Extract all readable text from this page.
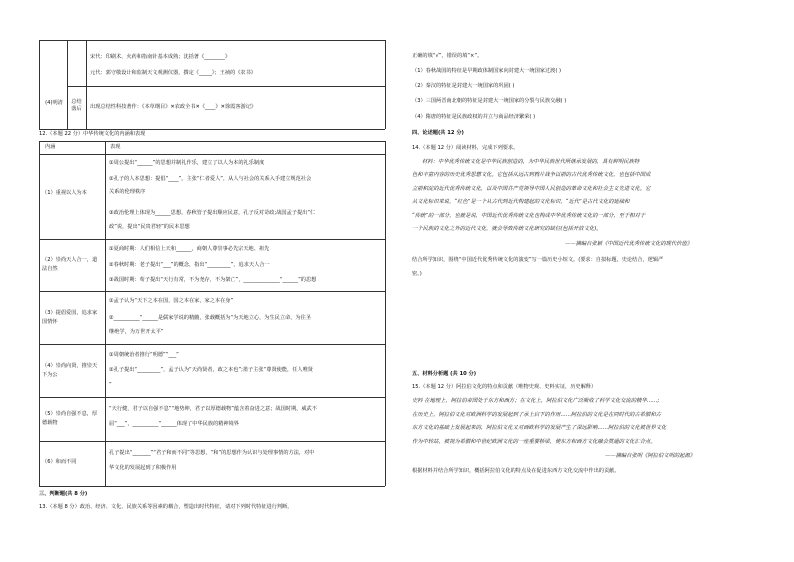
宋代：印刷术、火药和指南针基本成熟；沈括著《________》
元代：郭守敬设计和监制天文观测仪器，撰定《_____》；王祯的《农书》
(4)明清 总结落后 出现总结性科技著作：《本草纲目》✕农政全书✕《____》✕徐霞客游记》
12.（本题 22 分）中华传统文化的内涵和表现
内涵	表现
（1）重视以人为本
①周公提出“______”的思想并制礼作乐，建立了以人为本的礼乐制度
②孔子的人本思想：提倡“____”。主张“仁者爱人”，从人与社会的关系入手建立规范社会
关系的伦理秩序
③政治伦理上体现为______思想，春秋管子提出顺应民意，孔子反对苛政;战国孟子提出“仁
政”说，提出“民贵君轻”的民本思想
（2）崇尚天人合一，道法自然
①夏商时期：人们相信上天和______，商朝人尊崇事必先宗天地、祖先
②春秋时期：老子提出“___”的概念，指出“_________”，追求天人合一
③战国时期：荀子提出“天行有常，不为尧存，不为桀亡”，______________“______”的思想
（3）提倡爱国，追求家国情怀
①孟子认为“天下之本在国，国之本在家，家之本在身”
②__________“______是儒家学说的精髓，张载概括为“为天地立心，为生民立命，为往圣
继绝学，为万世开太平”
（4）崇尚向贤，推崇天下为公
①周朝统治者推行“明德”“___”
②孔子提出“_________”，孟子认为“天尚贤者，政之本也”;墨子主张“尊贤使能，任人唯贤
”
（5）崇尚自强不息，厚德载物
“天行健，君子以自强不息”“地势坤，君子以厚德载物”蕴含着奋进之意；战国时期，威武不
屈“___”，__________“______体现了中华民族的精神境界
（6）和而不同
孔子提出“_______”“君子和而不同”等思想，“和”的思想作为认识与处理事情的方法，对中
华文化的发展起到了积极作用
三、判断题(共 8 分)
13.（本题 8 分）政治、经济、文化、民族关系等因素的耦合，塑造出时代特征，请对下列时代特征进行判断，
正确的填“√”，错误的填“×”。
（1）春秋战国的特征是早期政体制国家向封建大一统国家过渡( )
（2）秦汉的特征是封建大一统国家的巩固( )
（3）三国两晋南北朝的特征是封建大一统国家的分裂与民族交融( )
（4）隋唐的特征是民族政权的并立与商品经济繁荣( )
四、论述题(共 12 分)
14.（本题 12 分）阅读材料，完成下列要求。
材料：中华优秀传统文化是中华民族创造的，为中华民族世代所继承发展的，具有鲜明民族特
色和丰富内容的历史优秀思想文化。它包括从远古到鸦片战争以前的古代优秀传统文化，也包括中国成
立前积淀的近代优秀传统文化，以及中国共产党领导中国人民创造的革命文化和社会主义先进文化。它
从文化标识来说，“红色”是一个从古代到近代构建起的文化标识，“近代”是古代文化的延续和
“传统”的一部分，也就是说，中国近代优秀传统文化也构成中华优秀传统文化的一部分，至于相对于
一个民族的文化之外的近代文化，就会导致传统文化研究的缺位(包括开放文化)。
——摘编自张颖《中国近代优秀传统文化的现代价值》
结合所学知识，围绕“中国近代优秀传统文化的演变”写一篇历史小短文。(要求：自拟标题，史论结合，逻辑严
密。)
五、材料分析题 (共 10 分)
15.（本题 12 分）阿拉伯文化的特点和贡献（唯物史观、史料实证，历史解释）
史料 在地理上，阿拉伯帝国处于东方和西方；在文化上，阿拉伯文化广泛吸收了科学文化交流的精华……;
在历史上，阿拉伯文化对欧洲科学的发展起到了承上启下的作用……阿拉伯的文化是在同时代的古希腊和古
东方文化的基础上发展起来的，阿拉伯文化又对西欧科学的发展产生了深远影响……阿拉伯的文化被世界文化
作为中转站，被视为希腊和中世纪欧洲文化的一座重要桥梁，使东方和西方文化融会贯通的文化汇合点。
——摘编自张明《阿拉伯文明的起源》
根据材料并结合所学知识，概括阿拉伯文化的特点及在促进东西方文化交流中作出的贡献。
